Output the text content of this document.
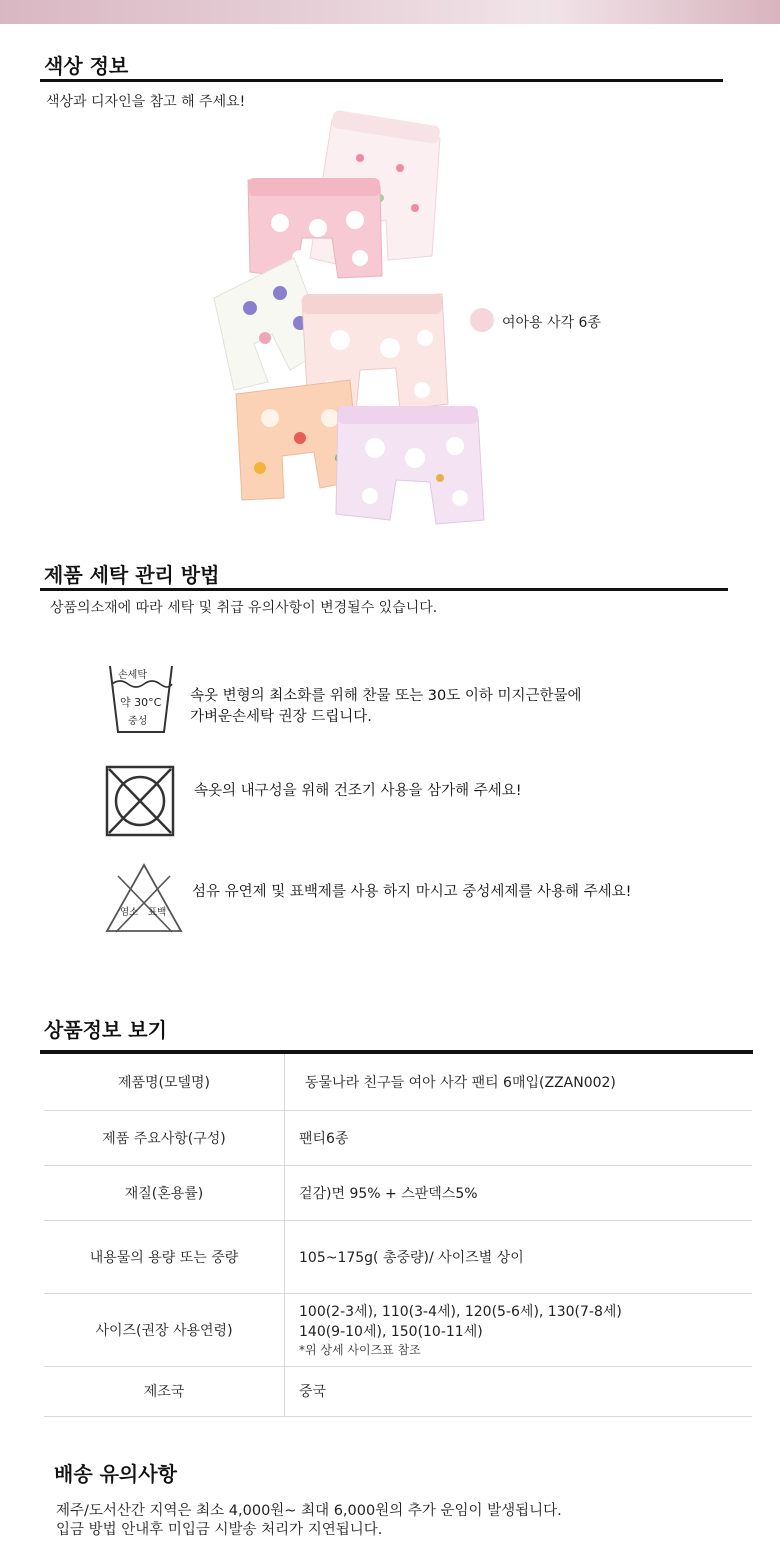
색상 정보
색상과 디자인을 참고 해 주세요!
여아용 사각 6종
제품 세탁 관리 방법
상품의소재에 따라 세탁 및 취급 유의사항이 변경될수 있습니다.
손세탁
약 30°C
중성
속옷 변형의 최소화를 위해 찬물 또는 30도 이하 미지근한물에
가벼운손세탁 권장 드립니다.
속옷의 내구성을 위해 건조기 사용을 삼가해 주세요!
염소 표백
섬유 유연제 및 표백제를 사용 하지 마시고 중성세제를 사용해 주세요!
상품정보 보기
제품명(모델명)	동물나라 친구들 여아 사각 팬티 6매입(ZZAN002)
제품 주요사항(구성)	팬티6종
재질(혼용률)	겉감)면 95% + 스판덱스5%
내용물의 용량 또는 중량	105~175g( 총중량)/ 사이즈별 상이
사이즈(권장 사용연령)	100(2-3세), 110(3-4세), 120(5-6세), 130(7-8세)
140(9-10세), 150(10-11세)
*위 상세 사이즈표 참조

제조국	중국
배송 유의사항
제주/도서산간 지역은 최소 4,000원~ 최대 6,000원의 추가 운임이 발생됩니다.
입금 방법 안내후 미입금 시발송 처리가 지연됩니다.
